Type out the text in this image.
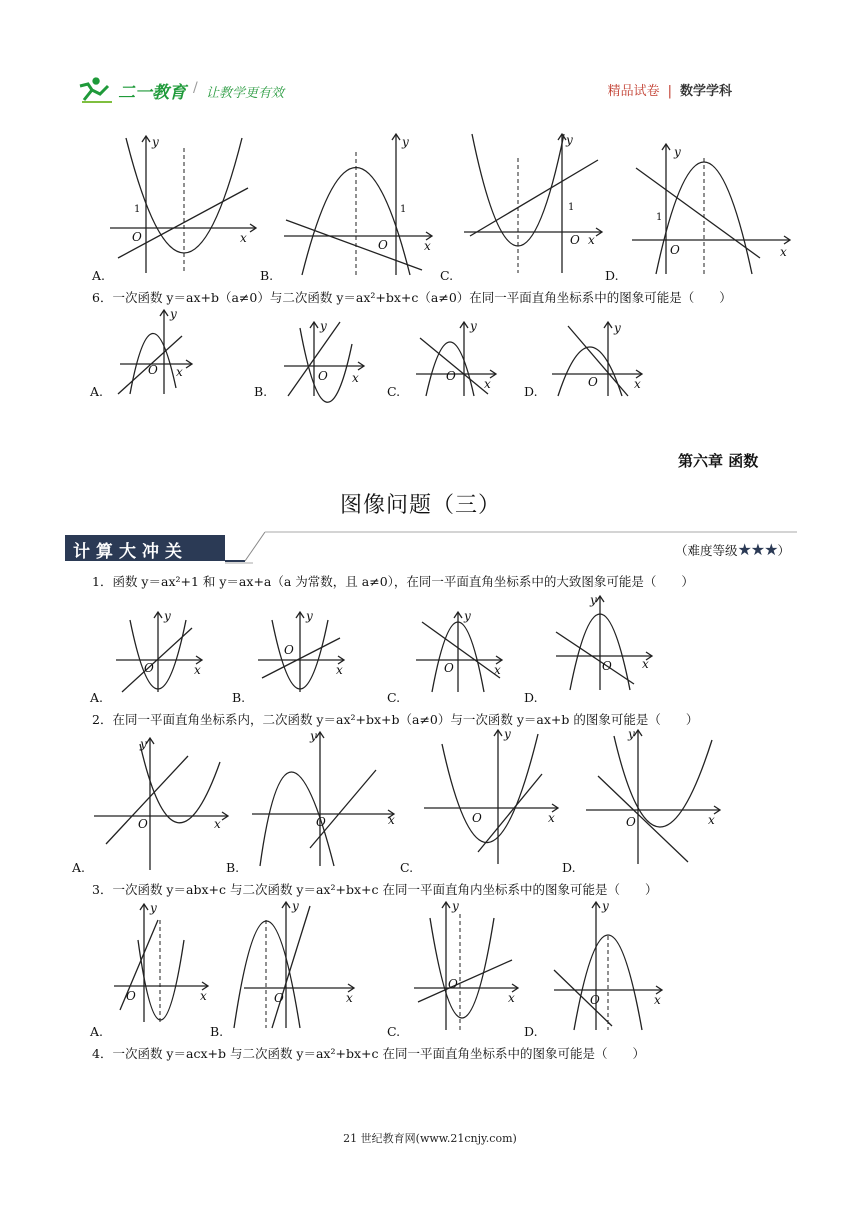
二一教育 / 让教学更有效	精品试卷 | 数学学科
y
x
O
1
y
x
O
1
y
x
O
1
y
x
O
1
A.	B.	C.	D.
6．一次函数 y＝ax+b（a≠0）与二次函数 y＝ax²+bx+c（a≠0）在同一平面直角坐标系中的图象可能是（　　）
y
x
O
y
x
O
y
x
O
y
x
O
A.	B.	C.	D.
第六章 函数
图像问题（三）
计算大冲关	（难度等级★★★）
1．函数 y＝ax²+1 和 y＝ax+a（a 为常数，且 a≠0），在同一平面直角坐标系中的大致图象可能是（　　）
y
x
O
y
x
O
y
x
O
y
x
O
A.	B.	C.	D.
2．在同一平面直角坐标系内，二次函数 y＝ax²+bx+b（a≠0）与一次函数 y＝ax+b 的图象可能是（　　）
y
x
O
y
x
O
y
x
O
y
x
O
A.	B.	C.	D.
3．一次函数 y＝abx+c 与二次函数 y＝ax²+bx+c 在同一平面直角内坐标系中的图象可能是（　　）
y
x
O
y
x
O
y
x
O
y
x
O
A.	B.	C.	D.
4．一次函数 y＝acx+b 与二次函数 y＝ax²+bx+c 在同一平面直角坐标系中的图象可能是（　　）
21 世纪教育网(www.21cnjy.com)
